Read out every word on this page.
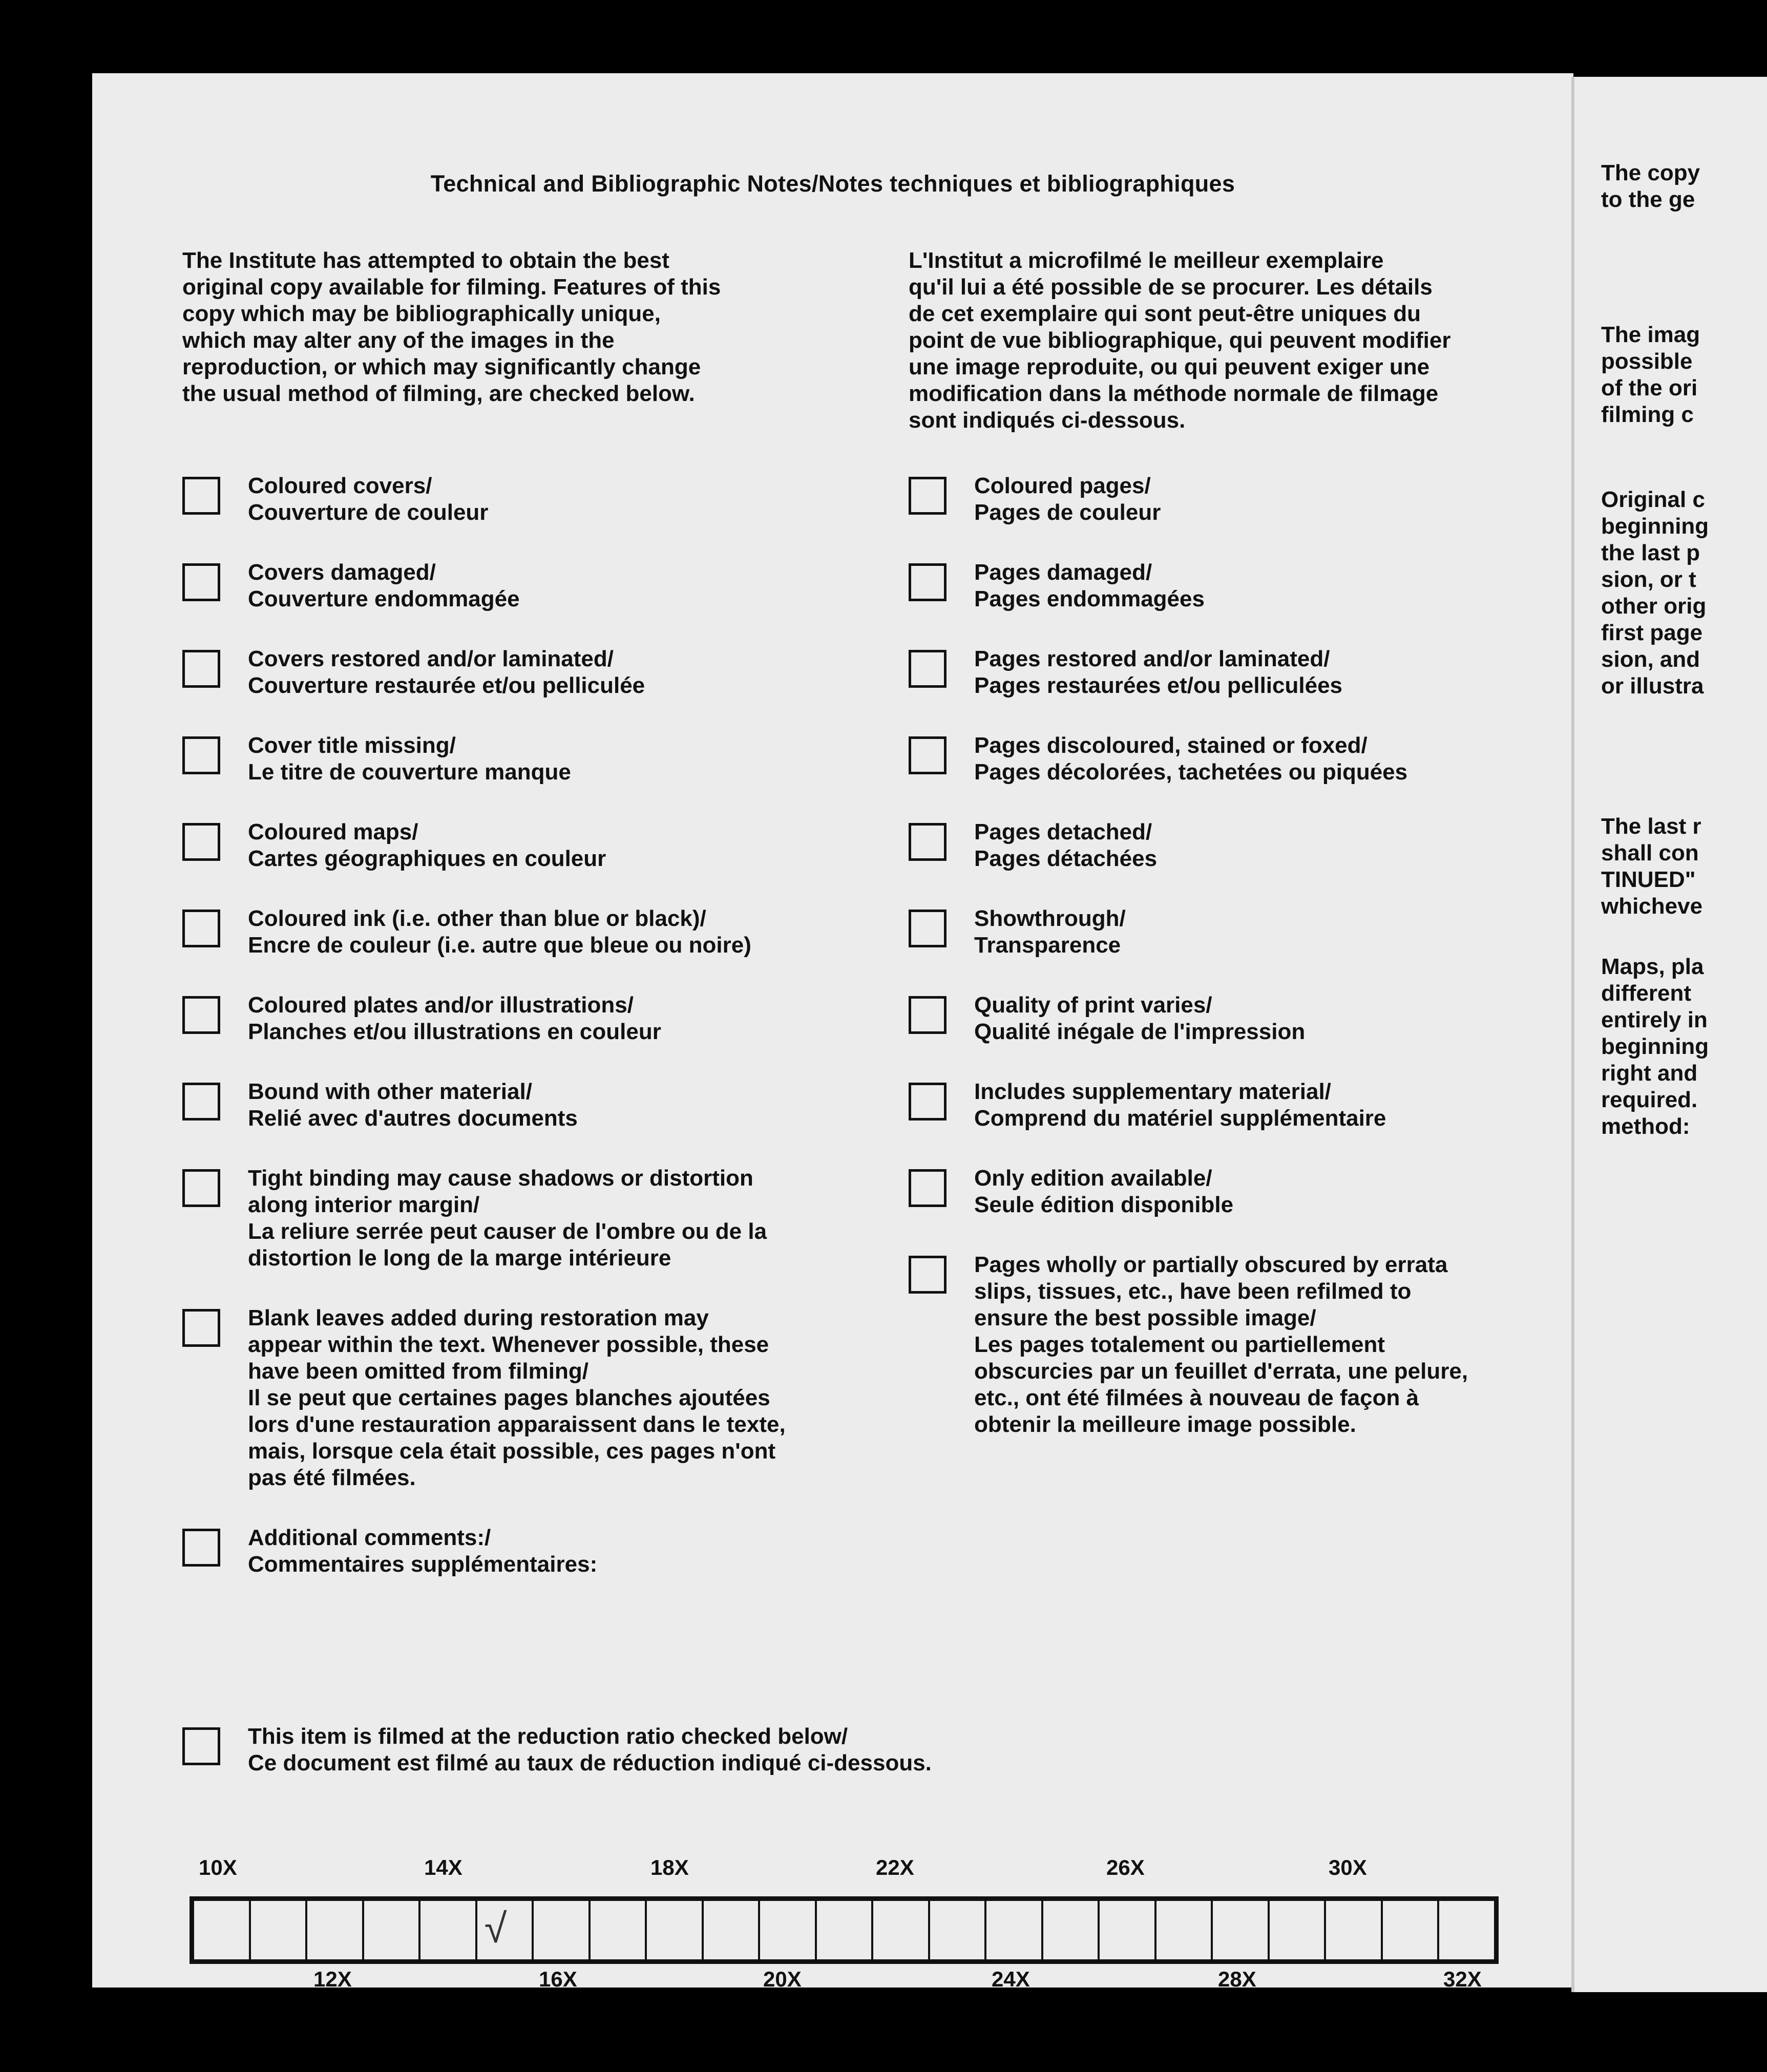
Technical and Bibliographic Notes/Notes techniques et bibliographiques
The Institute has attempted to obtain the best
original copy available for filming. Features of this
copy which may be bibliographically unique,
which may alter any of the images in the
reproduction, or which may significantly change
the usual method of filming, are checked below.
L'Institut a microfilmé le meilleur exemplaire
qu'il lui a été possible de se procurer. Les détails
de cet exemplaire qui sont peut-être uniques du
point de vue bibliographique, qui peuvent modifier
une image reproduite, ou qui peuvent exiger une
modification dans la méthode normale de filmage
sont indiqués ci-dessous.
Coloured covers/
Couverture de couleur
Covers damaged/
Couverture endommagée
Covers restored and/or laminated/
Couverture restaurée et/ou pelliculée
Cover title missing/
Le titre de couverture manque
Coloured maps/
Cartes géographiques en couleur
Coloured ink (i.e. other than blue or black)/
Encre de couleur (i.e. autre que bleue ou noire)
Coloured plates and/or illustrations/
Planches et/ou illustrations en couleur
Bound with other material/
Relié avec d'autres documents
Tight binding may cause shadows or distortion
along interior margin/
La reliure serrée peut causer de l'ombre ou de la
distortion le long de la marge intérieure
Blank leaves added during restoration may
appear within the text. Whenever possible, these
have been omitted from filming/
Il se peut que certaines pages blanches ajoutées
lors d'une restauration apparaissent dans le texte,
mais, lorsque cela était possible, ces pages n'ont
pas été filmées.
Additional comments:/
Commentaires supplémentaires:
Coloured pages/
Pages de couleur
Pages damaged/
Pages endommagées
Pages restored and/or laminated/
Pages restaurées et/ou pelliculées
Pages discoloured, stained or foxed/
Pages décolorées, tachetées ou piquées
Pages detached/
Pages détachées
Showthrough/
Transparence
Quality of print varies/
Qualité inégale de l'impression
Includes supplementary material/
Comprend du matériel supplémentaire
Only edition available/
Seule édition disponible
Pages wholly or partially obscured by errata
slips, tissues, etc., have been refilmed to
ensure the best possible image/
Les pages totalement ou partiellement
obscurcies par un feuillet d'errata, une pelure,
etc., ont été filmées à nouveau de façon à
obtenir la meilleure image possible.
This item is filmed at the reduction ratio checked below/
Ce document est filmé au taux de réduction indiqué ci-dessous.
10X	14X	18X	22X	26X	30X
√
12X	16X	20X	24X	28X	32X
The copy
to the ge
The imag
possible
of the ori
filming c
Original c
beginning
the last p
sion, or t
other orig
first page
sion, and
or illustra
The last r
shall con
TINUED"
whicheve
Maps, pla
different
entirely in
beginning
right and
required.
method:
